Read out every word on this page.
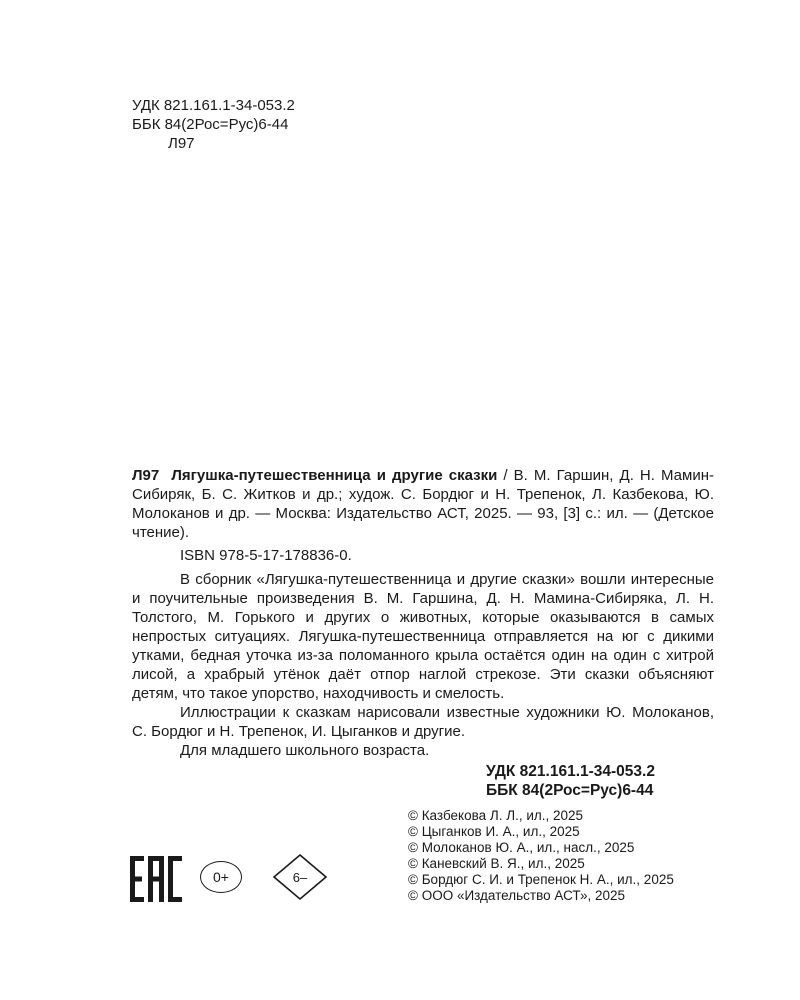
УДК 821.161.1-34-053.2
ББК 84(2Рос=Рус)6-44
Л97

Л97 Лягушка-путешественница и другие сказки / В. М. Гаршин, Д. Н. Мамин-Сибиряк, Б. С. Житков и др.; худож. С. Бордюг и Н. Трепенок, Л. Казбекова, Ю. Молоканов и др. — Москва: Издательство АСТ, 2025. — 93, [3] с.: ил. — (Детское чтение).

ISBN 978-5-17-178836-0.

В сборник «Лягушка-путешественница и другие сказки» вошли интересные и поучительные произведения В. М. Гаршина, Д. Н. Мамина-Сибиряка, Л. Н. Толстого, М. Горького и других о животных, которые оказываются в самых непростых ситуациях. Лягушка-путешественница отправляется на юг с дикими утками, бедная уточка из-за поломанного крыла остаётся один на один с хитрой лисой, а храбрый утёнок даёт отпор наглой стрекозе. Эти сказки объясняют детям, что такое упорство, находчивость и смелость.

Иллюстрации к сказкам нарисовали известные художники Ю. Молоканов, С. Бордюг и Н. Трепенок, И. Цыганков и другие.

Для младшего школьного возраста.

УДК 821.161.1-34-053.2
ББК 84(2Рос=Рус)6-44
© Казбекова Л. Л., ил., 2025
© Цыганков И. А., ил., 2025
© Молоканов Ю. А., ил., насл., 2025
© Каневский В. Я., ил., 2025
© Бордюг С. И. и Трепенок Н. А., ил., 2025
© ООО «Издательство АСТ», 2025
0+	6–
